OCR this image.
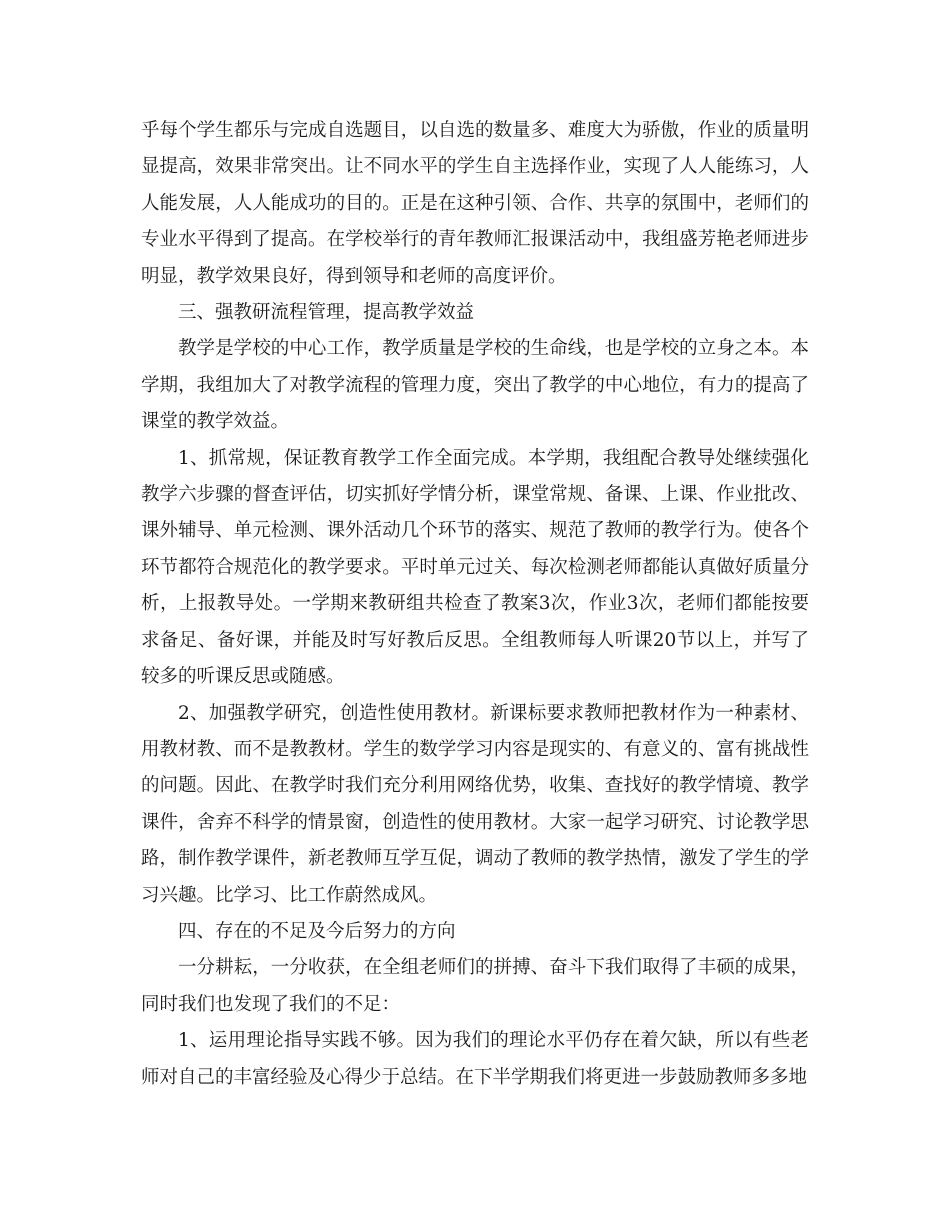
乎每个学生都乐与完成自选题目，以自选的数量多、难度大为骄傲，作业的质量明显提高，效果非常突出。让不同水平的学生自主选择作业，实现了人人能练习，人人能发展，人人能成功的目的。正是在这种引领、合作、共享的氛围中，老师们的专业水平得到了提高。在学校举行的青年教师汇报课活动中，我组盛芳艳老师进步明显，教学效果良好，得到领导和老师的高度评价。

三、强教研流程管理，提高教学效益

教学是学校的中心工作，教学质量是学校的生命线，也是学校的立身之本。本学期，我组加大了对教学流程的管理力度，突出了教学的中心地位，有力的提高了课堂的教学效益。

1、抓常规，保证教育教学工作全面完成。本学期，我组配合教导处继续强化教学六步骤的督查评估，切实抓好学情分析，课堂常规、备课、上课、作业批改、课外辅导、单元检测、课外活动几个环节的落实、规范了教师的教学行为。使各个环节都符合规范化的教学要求。平时单元过关、每次检测老师都能认真做好质量分析，上报教导处。一学期来教研组共检查了教案3次，作业3次，老师们都能按要求备足、备好课，并能及时写好教后反思。全组教师每人听课20节以上，并写了较多的听课反思或随感。

2、加强教学研究，创造性使用教材。新课标要求教师把教材作为一种素材、用教材教、而不是教教材。学生的数学学习内容是现实的、有意义的、富有挑战性的问题。因此、在教学时我们充分利用网络优势，收集、查找好的教学情境、教学课件，舍弃不科学的情景窗，创造性的使用教材。大家一起学习研究、讨论教学思路，制作教学课件，新老教师互学互促，调动了教师的教学热情，激发了学生的学习兴趣。比学习、比工作蔚然成风。

四、存在的不足及今后努力的方向

一分耕耘，一分收获，在全组老师们的拼搏、奋斗下我们取得了丰硕的成果，同时我们也发现了我们的不足：

1、运用理论指导实践不够。因为我们的理论水平仍存在着欠缺，所以有些老师对自己的丰富经验及心得少于总结。在下半学期我们将更进一步鼓励教师多多地
